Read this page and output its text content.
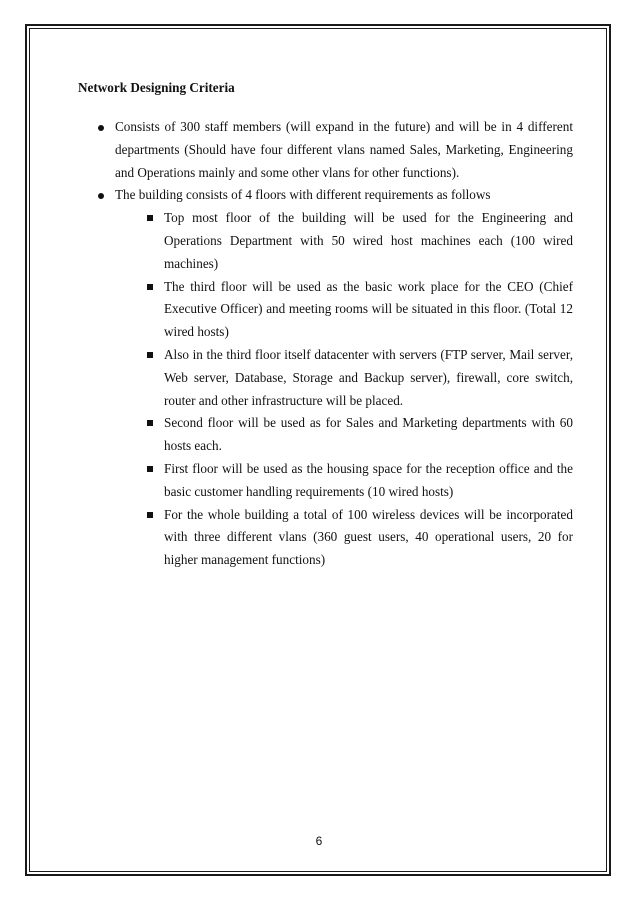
Network Designing Criteria
Consists of 300 staff members (will expand in the future) and will be in 4 different departments (Should have four different vlans named Sales, Marketing, Engineering and Operations mainly and some other vlans for other functions).
The building consists of 4 floors with different requirements as follows
Top most floor of the building will be used for the Engineering and Operations Department with 50 wired host machines each (100 wired machines)
The third floor will be used as the basic work place for the CEO (Chief Executive Officer) and meeting rooms will be situated in this floor. (Total 12 wired hosts)
Also in the third floor itself datacenter with servers (FTP server, Mail server, Web server, Database, Storage and Backup server), firewall, core switch, router and other infrastructure will be placed.
Second floor will be used as for Sales and Marketing departments with 60 hosts each.
First floor will be used as the housing space for the reception office and the basic customer handling requirements (10 wired hosts)
For the whole building a total of 100 wireless devices will be incorporated with three different vlans (360 guest users, 40 operational users, 20 for higher management functions)
6
